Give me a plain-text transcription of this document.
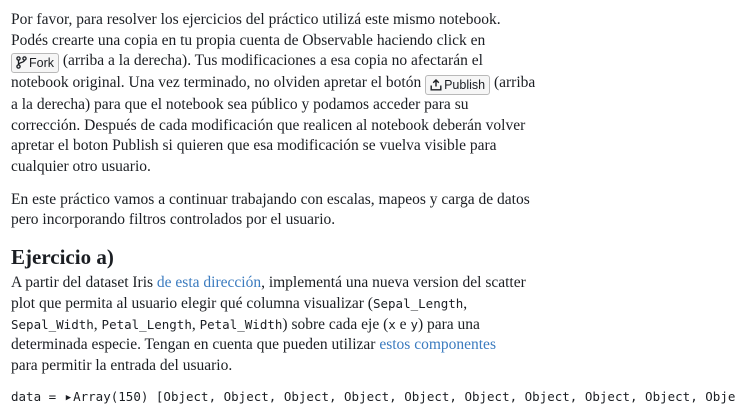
Por favor, para resolver los ejercicios del práctico utilizá este mismo notebook.
Podés crearte una copia en tu propia cuenta de Observable haciendo click en
Fork (arriba a la derecha). Tus modificaciones a esa copia no afectarán el
notebook original. Una vez terminado, no olviden apretar el botón Publish (arriba
a la derecha) para que el notebook sea público y podamos acceder para su
corrección. Después de cada modificación que realicen al notebook deberán volver
apretar el boton Publish si quieren que esa modificación se vuelva visible para
cualquier otro usuario.

En este práctico vamos a continuar trabajando con escalas, mapeos y carga de datos
pero incorporando filtros controlados por el usuario.

Ejercicio a)

A partir del dataset Iris de esta dirección, implementá una nueva version del scatter
plot que permita al usuario elegir qué columna visualizar (Sepal_Length,
Sepal_Width, Petal_Length, Petal_Width) sobre cada eje (x e y) para una
determinada especie. Tengan en cuenta que pueden utilizar estos componentes
para permitir la entrada del usuario.

data = ▶ Array(150) [Object, Object, Object, Object, Object, Object, Object, Object, Object, Obje
